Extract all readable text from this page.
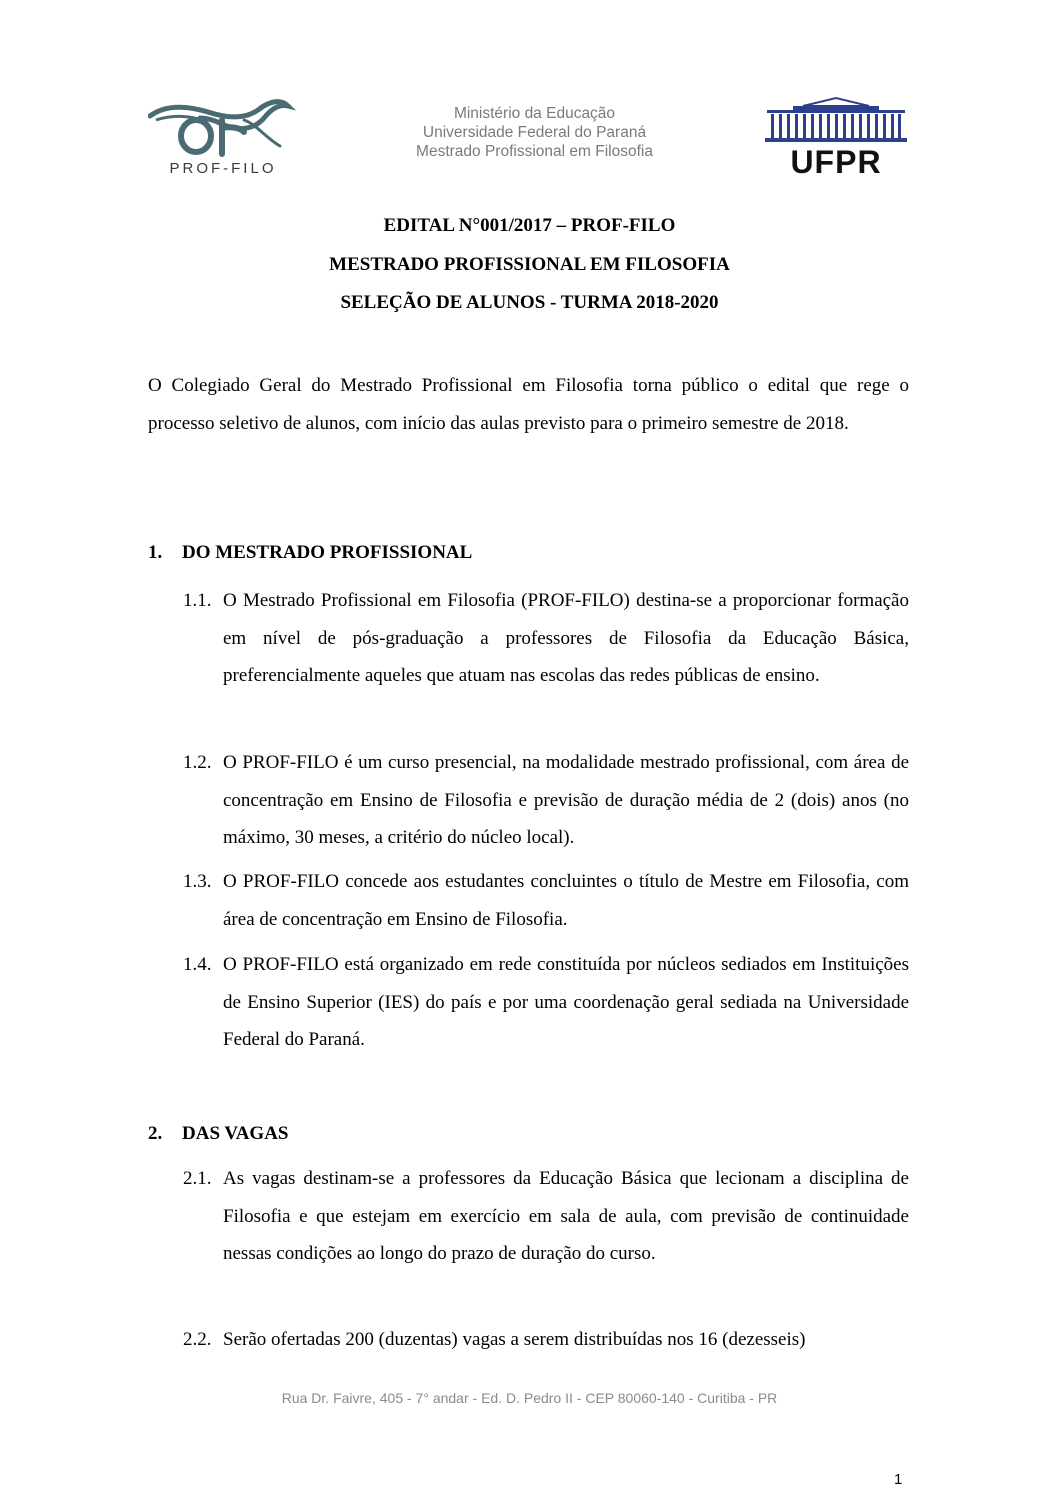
PROF-FILO
Ministério da Educação
Universidade Federal do Paraná
Mestrado Profissional em Filosofia	UFPR
EDITAL N°001/2017 – PROF-FILO
MESTRADO PROFISSIONAL EM FILOSOFIA
SELEÇÃO DE ALUNOS - TURMA 2018-2020

O Colegiado Geral do Mestrado Profissional em Filosofia torna público o edital que rege o processo seletivo de alunos, com início das aulas previsto para o primeiro semestre de 2018.

1. DO MESTRADO PROFISSIONAL
1.1. O Mestrado Profissional em Filosofia (PROF-FILO) destina-se a proporcionar formação em nível de pós-graduação a professores de Filosofia da Educação Básica, preferencialmente aqueles que atuam nas escolas das redes públicas de ensino.

1.2. O PROF-FILO é um curso presencial, na modalidade mestrado profissional, com área de concentração em Ensino de Filosofia e previsão de duração média de 2 (dois) anos (no máximo, 30 meses, a critério do núcleo local).

1.3. O PROF-FILO concede aos estudantes concluintes o título de Mestre em Filosofia, com área de concentração em Ensino de Filosofia.

1.4. O PROF-FILO está organizado em rede constituída por núcleos sediados em Instituições de Ensino Superior (IES) do país e por uma coordenação geral sediada na Universidade Federal do Paraná.

2. DAS VAGAS
2.1. As vagas destinam-se a professores da Educação Básica que lecionam a disciplina de Filosofia e que estejam em exercício em sala de aula, com previsão de continuidade nessas condições ao longo do prazo de duração do curso.

2.2. Serão ofertadas 200 (duzentas) vagas a serem distribuídas nos 16 (dezesseis)

Rua Dr. Faivre, 405 - 7° andar - Ed. D. Pedro II - CEP 80060-140 - Curitiba - PR
1
